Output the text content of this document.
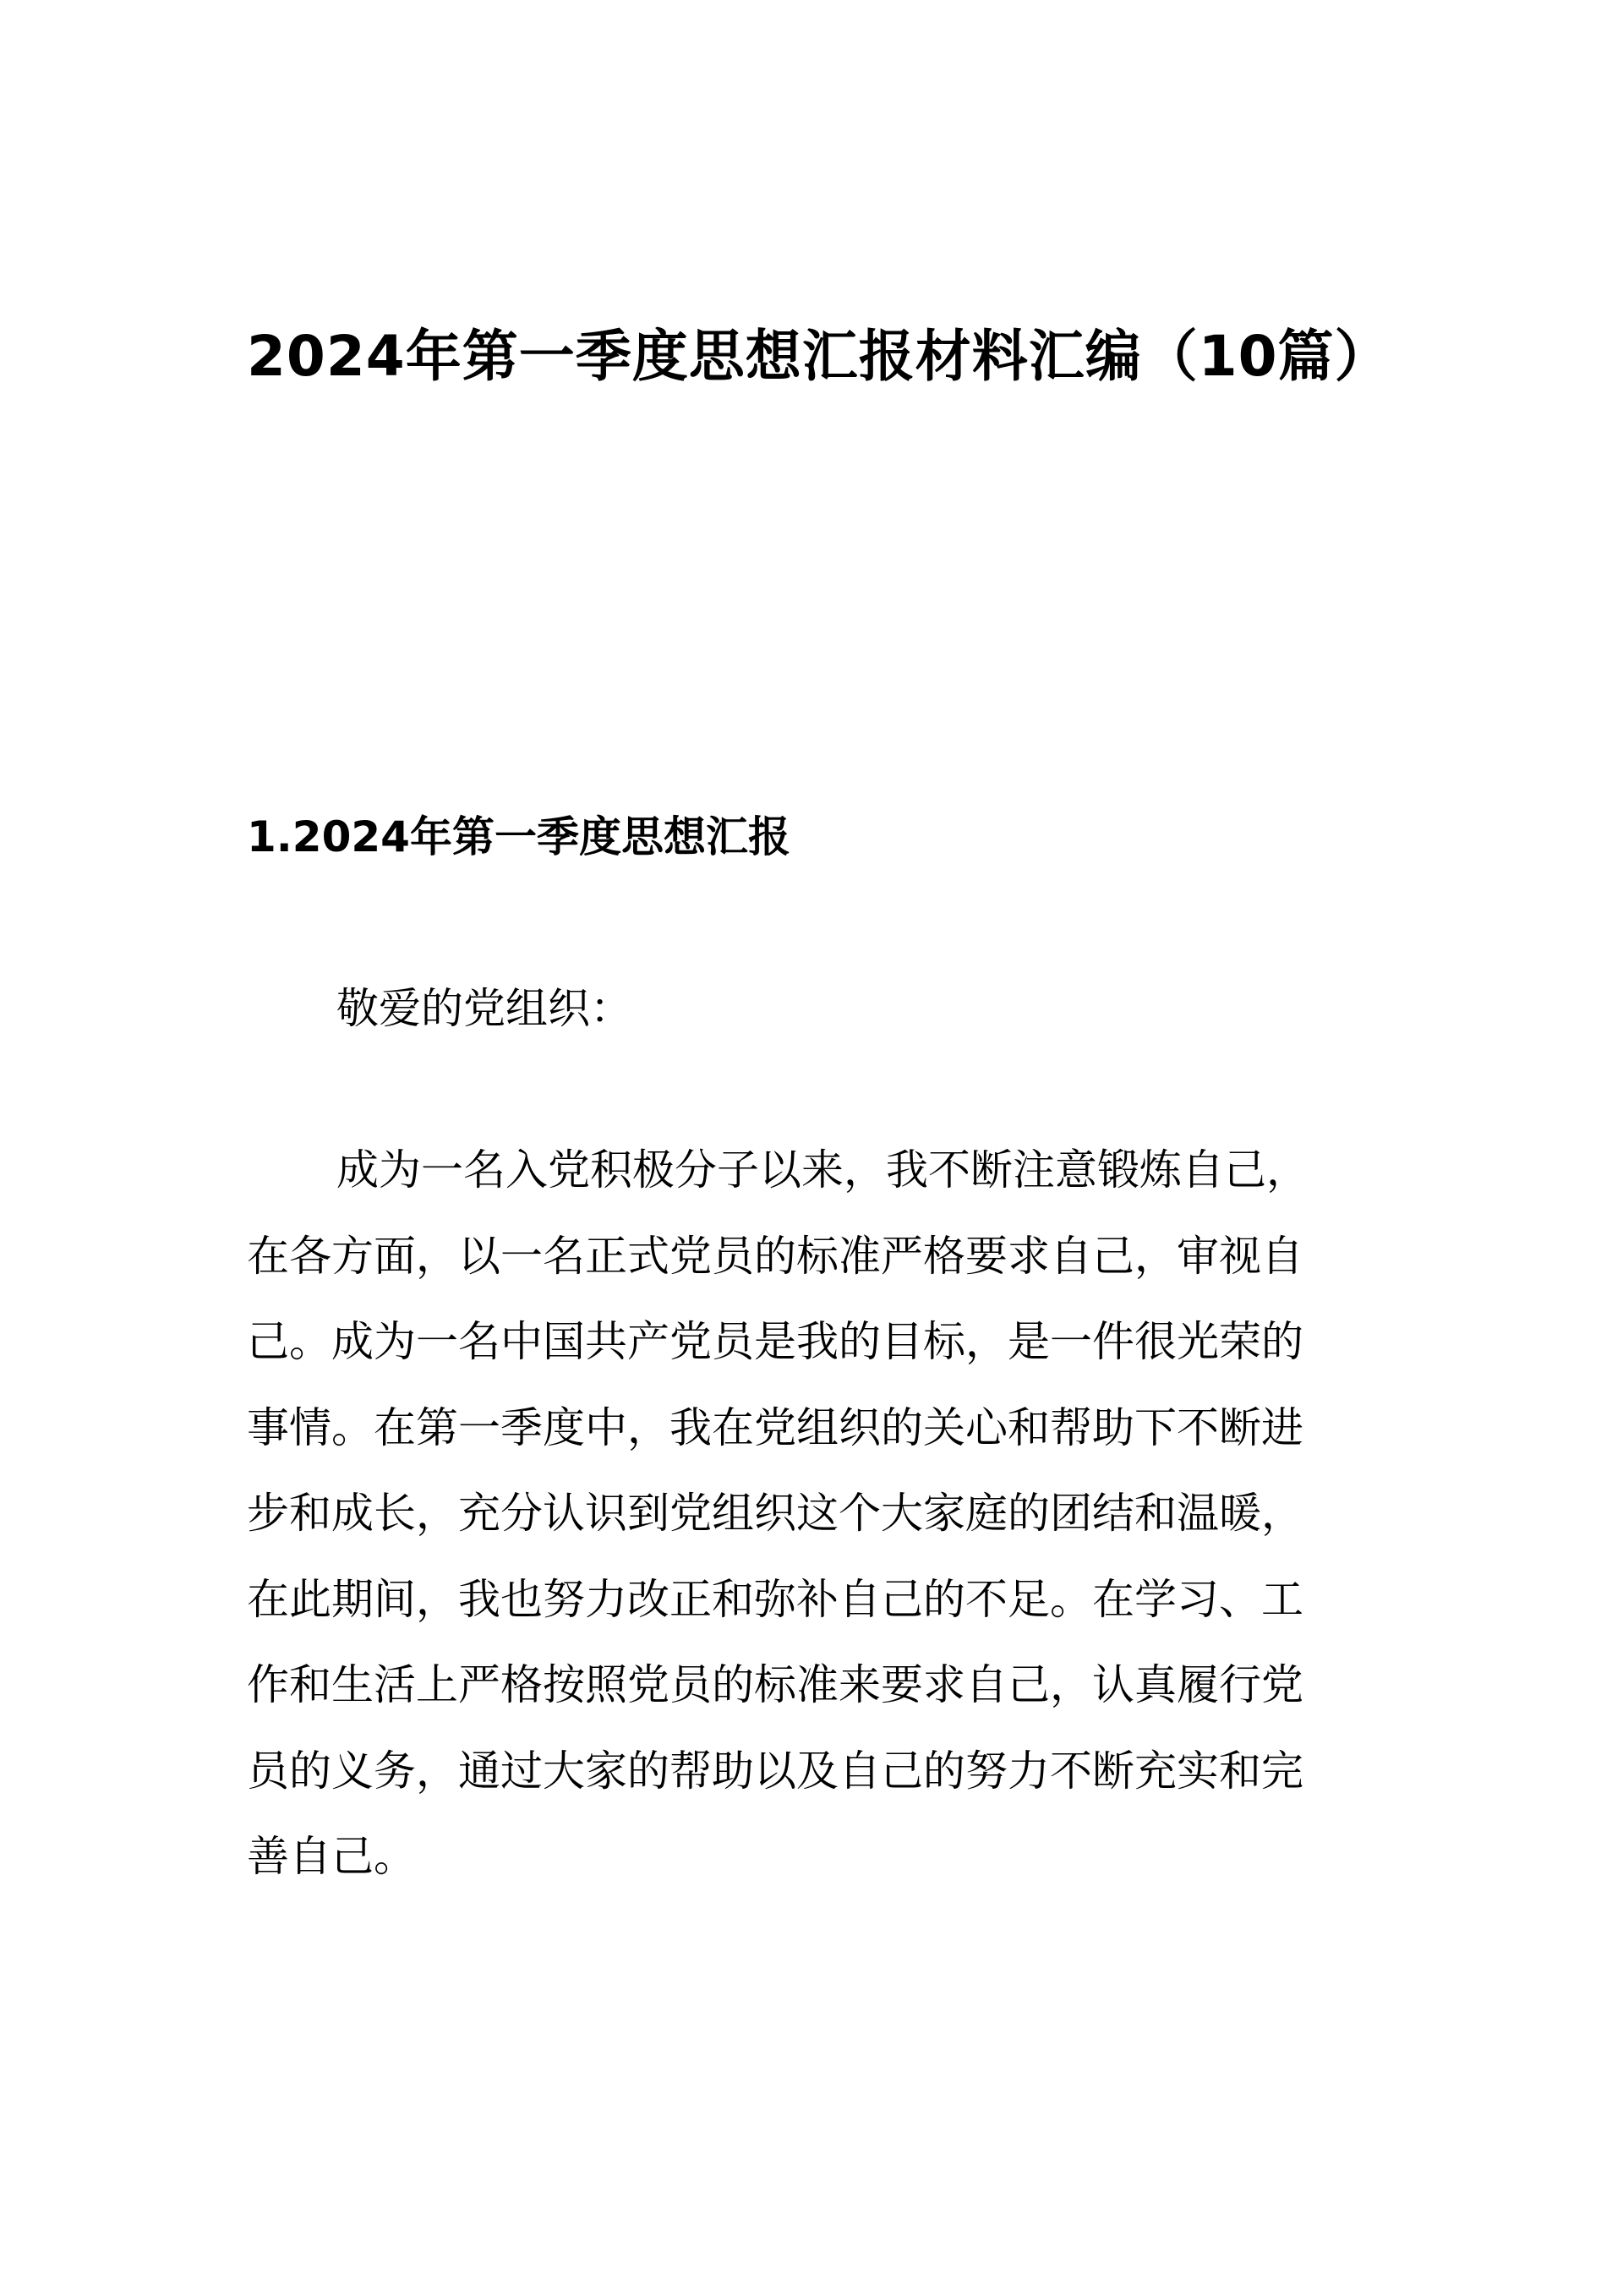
2024年第一季度思想汇报材料汇编（10篇）
1.2024年第一季度思想汇报

敬爱的党组织：

成为一名入党积极分子以来，我不断注意锻炼自己，
在各方面，以一名正式党员的标准严格要求自己，审视自
己。成为一名中国共产党员是我的目标，是一件很光荣的
事情。在第一季度中，我在党组织的关心和帮助下不断进
步和成长，充分认识到党组织这个大家庭的团结和温暖，
在此期间，我也努力改正和弥补自己的不足。在学习、工
作和生活上严格按照党员的标准来要求自己，认真履行党
员的义务，通过大家的帮助以及自己的努力不断充实和完
善自己。
